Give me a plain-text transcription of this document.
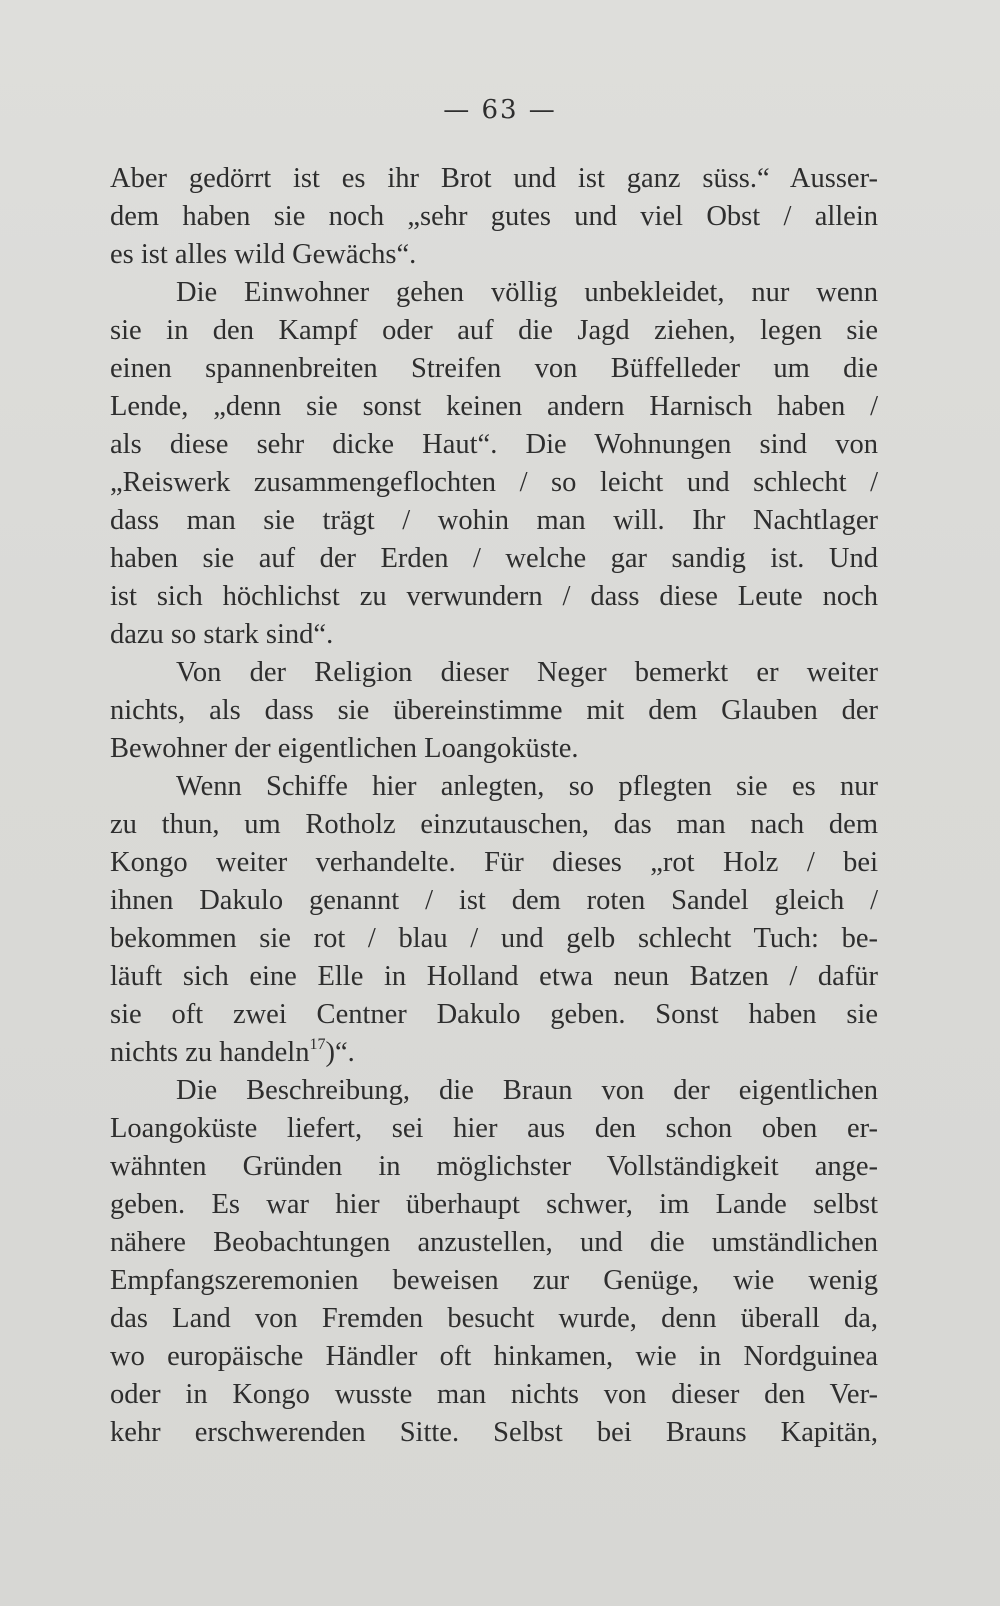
— 63 —
Aber gedörrt ist es ihr Brot und ist ganz süss.“ Ausser-
dem haben sie noch „sehr gutes und viel Obst / allein
es ist alles wild Gewächs“.
Die Einwohner gehen völlig unbekleidet, nur wenn
sie in den Kampf oder auf die Jagd ziehen, legen sie
einen spannenbreiten Streifen von Büffelleder um die
Lende, „denn sie sonst keinen andern Harnisch haben /
als diese sehr dicke Haut“. Die Wohnungen sind von
„Reiswerk zusammengeflochten / so leicht und schlecht /
dass man sie trägt / wohin man will. Ihr Nachtlager
haben sie auf der Erden / welche gar sandig ist. Und
ist sich höchlichst zu verwundern / dass diese Leute noch
dazu so stark sind“.
Von der Religion dieser Neger bemerkt er weiter
nichts, als dass sie übereinstimme mit dem Glauben der
Bewohner der eigentlichen Loangoküste.
Wenn Schiffe hier anlegten, so pflegten sie es nur
zu thun, um Rotholz einzutauschen, das man nach dem
Kongo weiter verhandelte. Für dieses „rot Holz / bei
ihnen Dakulo genannt / ist dem roten Sandel gleich /
bekommen sie rot / blau / und gelb schlecht Tuch: be-
läuft sich eine Elle in Holland etwa neun Batzen / dafür
sie oft zwei Centner Dakulo geben. Sonst haben sie
nichts zu handeln$^{17}$)“.
Die Beschreibung, die Braun von der eigentlichen
Loangoküste liefert, sei hier aus den schon oben er-
wähnten Gründen in möglichster Vollständigkeit ange-
geben. Es war hier überhaupt schwer, im Lande selbst
nähere Beobachtungen anzustellen, und die umständlichen
Empfangszeremonien beweisen zur Genüge, wie wenig
das Land von Fremden besucht wurde, denn überall da,
wo europäische Händler oft hinkamen, wie in Nordguinea
oder in Kongo wusste man nichts von dieser den Ver-
kehr erschwerenden Sitte. Selbst bei Brauns Kapitän,
